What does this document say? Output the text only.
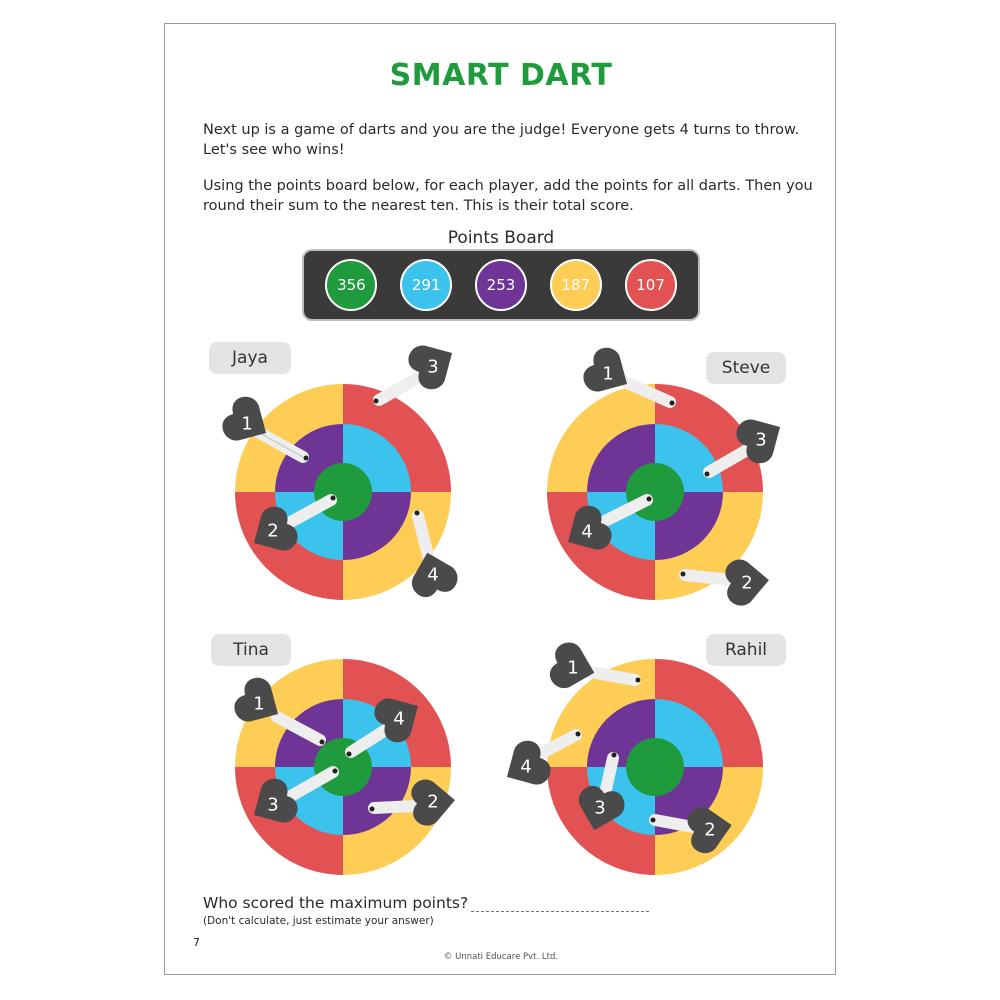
SMART DART
Next up is a game of darts and you are the judge! Everyone gets 4 turns to throw. Let's see who wins!
Using the points board below, for each player, add the points for all darts. Then you round their sum to the nearest ten. This is their total score.
Points Board
356	291	253	187	107
1
2
3
4
1
2
3
4
1
2
3
4
1
2
3
4
Jaya	Steve
Tina	Rahil
Who scored the maximum points?
(Don't calculate, just estimate your answer)
7
© Unnati Educare Pvt. Ltd.
